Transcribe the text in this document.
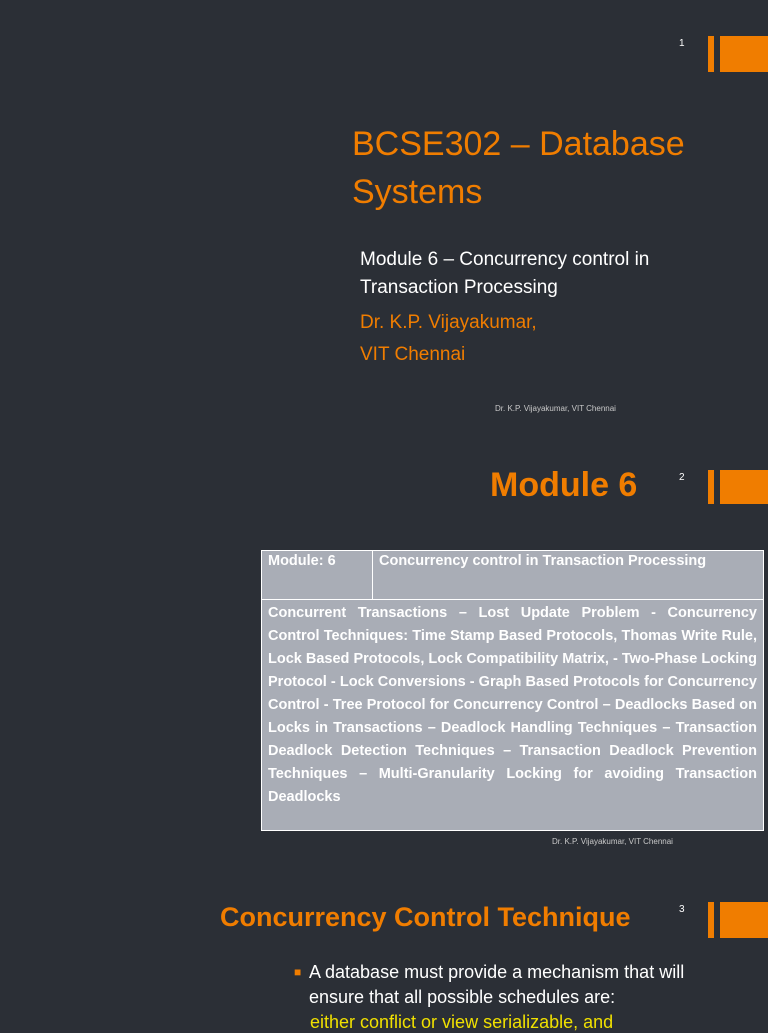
1
BCSE302 – Database Systems
Module 6 – Concurrency control in Transaction Processing
Dr. K.P. Vijayakumar,
VIT Chennai
Dr. K.P. Vijayakumar, VIT Chennai
Module 6	2
Module: 6	Concurrency control in Transaction Processing
Concurrent Transactions – Lost Update Problem - Concurrency Control Techniques: Time Stamp Based Protocols, Thomas Write Rule, Lock Based Protocols, Lock Compatibility Matrix, - Two-Phase Locking Protocol - Lock Conversions - Graph Based Protocols for Concurrency Control - Tree Protocol for Concurrency Control – Deadlocks Based on Locks in Transactions – Deadlock Handling Techniques – Transaction Deadlock Detection Techniques – Transaction Deadlock Prevention Techniques – Multi-Granularity Locking for avoiding Transaction Deadlocks
Dr. K.P. Vijayakumar, VIT Chennai
Concurrency Control Technique	3
■ A database must provide a mechanism that will ensure that all possible schedules are:
either conflict or view serializable, and
